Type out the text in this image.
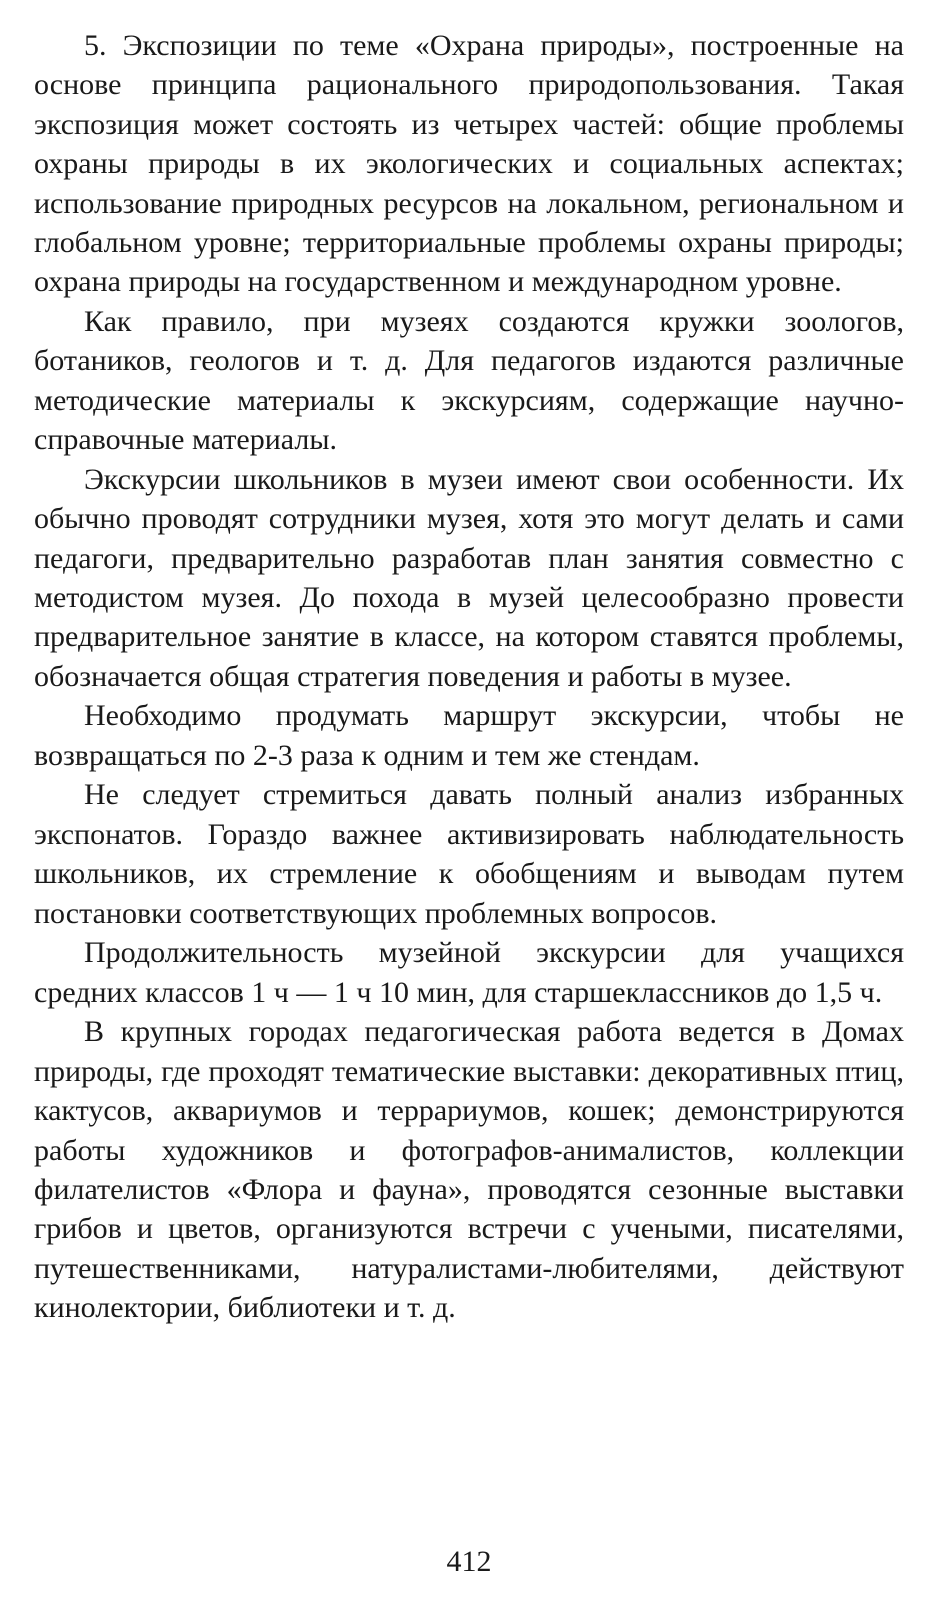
5. Экспозиции по теме «Охрана природы», построенные на основе принципа рационального природопользования. Такая экспозиция может состоять из четырех частей: общие проблемы охраны природы в их экологических и социальных аспектах; использование природных ресурсов на локальном, региональном и глобальном уровне; территориальные проблемы охраны природы; охрана природы на государственном и международном уровне.

Как правило, при музеях создаются кружки зоологов, ботаников, геологов и т. д. Для педагогов издаются различные методические материалы к экскурсиям, содержащие научно-справочные материалы.

Экскурсии школьников в музеи имеют свои особенности. Их обычно проводят сотрудники музея, хотя это могут делать и сами педагоги, предварительно разработав план занятия совместно с методистом музея. До похода в музей целесообразно провести предварительное занятие в классе, на котором ставятся проблемы, обозначается общая стратегия поведения и работы в музее.

Необходимо продумать маршрут экскурсии, чтобы не возвращаться по 2-3 раза к одним и тем же стендам.

Не следует стремиться давать полный анализ избранных экспонатов. Гораздо важнее активизировать наблюдательность школьников, их стремление к обобщениям и выводам путем постановки соответствующих проблемных вопросов.

Продолжительность музейной экскурсии для учащихся средних классов 1 ч — 1 ч 10 мин, для старшеклассников до 1,5 ч.

В крупных городах педагогическая работа ведется в Домах природы, где проходят тематические выставки: декоративных птиц, кактусов, аквариумов и террариумов, кошек; демонстрируются работы художников и фотографов-анималистов, коллекции филателистов «Флора и фауна», проводятся сезонные выставки грибов и цветов, организуются встречи с учеными, писателями, путешественниками, натуралистами-любителями, действуют кинолектории, библиотеки и т. д.

412
